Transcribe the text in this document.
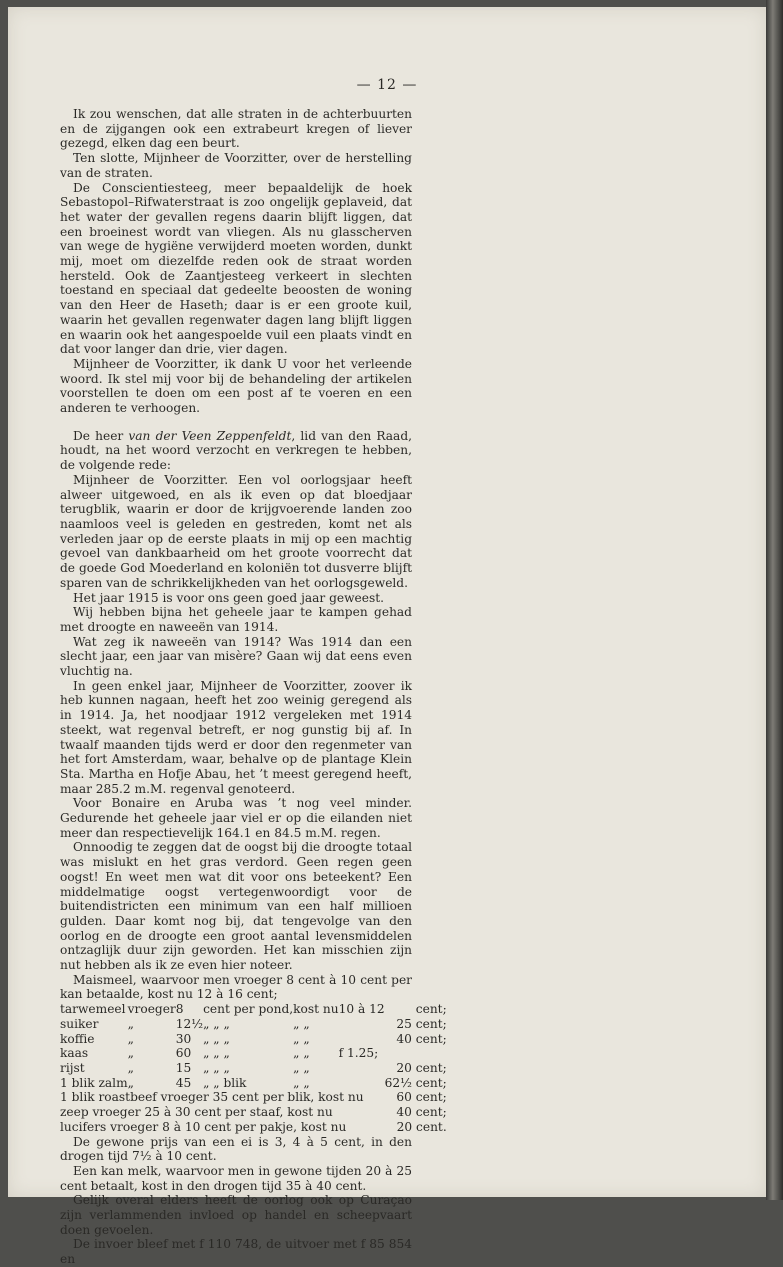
— 12 —

Ik zou wenschen, dat alle straten in de achterbuurten en de zijgangen ook een extrabeurt kregen of liever gezegd, elken dag een beurt.

Ten slotte, Mijnheer de Voorzitter, over de herstelling van de straten.

De Conscientiesteeg, meer bepaaldelijk de hoek Sebastopol–Rifwaterstraat is zoo ongelijk geplaveid, dat het water der gevallen regens daarin blijft liggen, dat een broeinest wordt van vliegen. Als nu glasscherven van wege de hygiëne verwijderd moeten worden, dunkt mij, moet om diezelfde reden ook de straat worden hersteld. Ook de Zaantjesteeg verkeert in slechten toestand en speciaal dat gedeelte beoosten de woning van den Heer de Haseth; daar is er een groote kuil, waarin het gevallen regenwater dagen lang blijft liggen en waarin ook het aangespoelde vuil een plaats vindt en dat voor langer dan drie, vier dagen.

Mijnheer de Voorzitter, ik dank U voor het verleende woord. Ik stel mij voor bij de behandeling der artikelen voorstellen te doen om een post af te voeren en een anderen te verhoogen.

De heer van der Veen Zeppenfeldt, lid van den Raad, houdt, na het woord verzocht en verkregen te hebben, de volgende rede:

Mijnheer de Voorzitter. Een vol oorlogsjaar heeft alweer uitgewoed, en als ik even op dat bloedjaar terugblik, waarin er door de krijgvoerende landen zoo naamloos veel is geleden en gestreden, komt net als verleden jaar op de eerste plaats in mij op een machtig gevoel van dankbaarheid om het groote voorrecht dat de goede God Moederland en koloniën tot dusverre blijft sparen van de schrikkelijkheden van het oorlogsgeweld.

Het jaar 1915 is voor ons geen goed jaar geweest.

Wij hebben bijna het geheele jaar te kampen gehad met droogte en naweeën van 1914.

Wat zeg ik naweeën van 1914? Was 1914 dan een slecht jaar, een jaar van misère? Gaan wij dat eens even vluchtig na.

In geen enkel jaar, Mijnheer de Voorzitter, zoover ik heb kunnen nagaan, heeft het zoo weinig geregend als in 1914. Ja, het noodjaar 1912 vergeleken met 1914 steekt, wat regenval betreft, er nog gunstig bij af. In twaalf maanden tijds werd er door den regenmeter van het fort Amsterdam, waar, behalve op de plantage Klein Sta. Martha en Hofje Abau, het ’t meest geregend heeft, maar 285.2 m.M. regenval genoteerd.

Voor Bonaire en Aruba was ’t nog veel minder. Gedurende het geheele jaar viel er op die eilanden niet meer dan respectievelijk 164.1 en 84.5 m.M. regen.

Onnoodig te zeggen dat de oogst bij die droogte totaal was mislukt en het gras verdord. Geen regen geen oogst! En weet men wat dit voor ons beteekent? Een middelmatige oogst vertegenwoordigt voor de buitendistricten een minimum van een half millioen gulden. Daar komt nog bij, dat tengevolge van den oorlog en de droogte een groot aantal levensmiddelen ontzaglijk duur zijn geworden. Het kan misschien zijn nut hebben als ik ze even hier noteer.

Maismeel, waarvoor men vroeger 8 cent à 10 cent per kan betaalde, kost nu 12 à 16 cent;

tarwemeel	vroeger	8	cent per pond,	kost nu	10 à 12	cent;
suiker	„	12½	„ „ „	„ „		25 cent;
koffie	„	30	„ „ „	„ „		40 cent;
kaas	„	60	„ „ „	„ „	f 1.25;	
rijst	„	15	„ „ „	„ „		20 cent;
1 blik zalm	„	45	„ „ blik	„ „		62½ cent;
1 blik roastbeef vroeger 35 cent per blik, kost nu						60 cent;
zeep vroeger 25 à 30 cent per staaf, kost nu						40 cent;
lucifers vroeger 8 à 10 cent per pakje, kost nu						20 cent.

De gewone prijs van een ei is 3, 4 à 5 cent, in den drogen tijd 7½ à 10 cent.

Een kan melk, waarvoor men in gewone tijden 20 à 25 cent betaalt, kost in den drogen tijd 35 à 40 cent.

Gelijk overal elders heeft de oorlog ook op Curaçao zijn verlammenden invloed op handel en scheepvaart doen gevoelen.

De invoer bleef met f 110 748, de uitvoer met f 85 854 en
